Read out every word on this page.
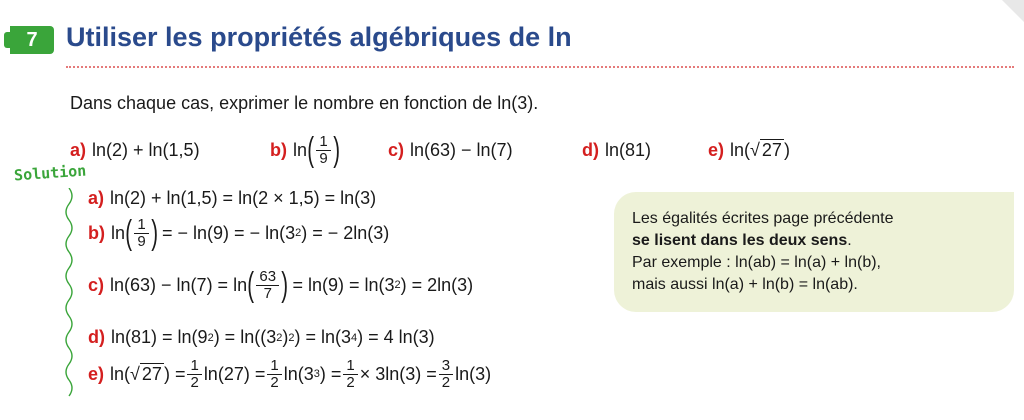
7	Utiliser les propriétés algébriques de ln
Dans chaque cas, exprimer le nombre en fonction de ln(3).
a) ln(2) + ln(1,5)	b) ln ( $\frac{1}{9}$ )	c) ln(63) − ln(7)	d) ln(81)	e) ln( √ 27 )
Solution
a) ln(2) + ln(1,5) = ln(2 × 1,5) = ln(3)
b) ln ( $\frac{1}{9}$ ) = − ln(9) = − ln(3 2 ) = − 2ln(3)
c) ln(63) − ln(7) = ln ( $\frac{63}{7}$ ) = ln(9) = ln(3 2 ) = 2ln(3)
d) ln(81) = ln(9 2 ) = ln((3 2 ) 2 ) = ln(3 4 ) = 4 ln(3)
e) ln( √ 27 ) = $\frac{1}{2} \ln(27) = \frac{1}{2} \ln(3$ 3 ) = $\frac{1}{2} \times 3\ln(3) = \frac{3}{2} \ln(3)$
Les égalités écrites page précédente
se lisent dans les deux sens.
Par exemple : ln(ab) = ln(a) + ln(b),
mais aussi ln(a) + ln(b) = ln(ab).
